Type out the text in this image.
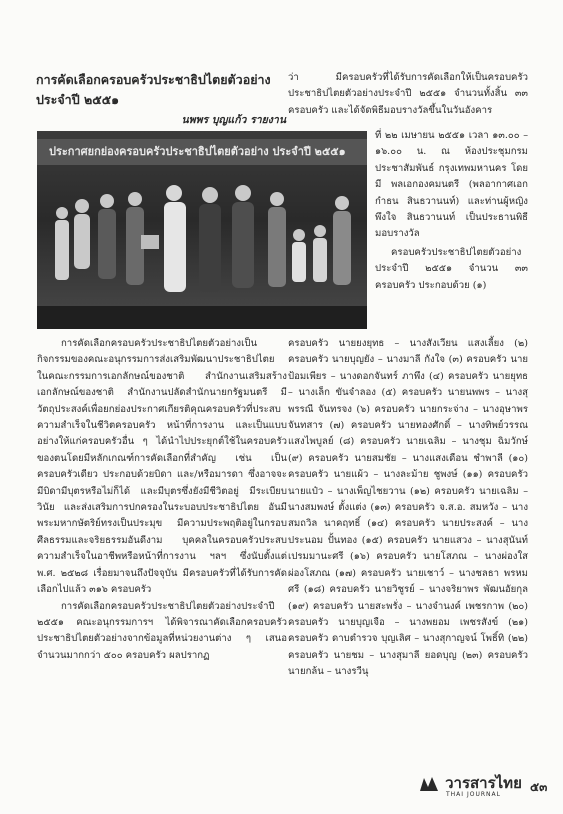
การคัดเลือกครอบครัวประชาธิปไตยตัวอย่าง ประจำปี ๒๕๕๑
นพพร บุญแก้ว รายงาน
ประกาศยกย่องครอบครัวประชาธิปไตยตัวอย่าง ประจำปี ๒๕๕๑

ว่า มีครอบครัวที่ได้รับการคัดเลือกให้เป็นครอบครัวประชาธิปไตยตัวอย่างประจำปี ๒๕๕๑ จำนวนทั้งสิ้น ๓๓ ครอบครัว และได้จัดพิธีมอบรางวัลขึ้นในวันอังคาร

ที่ ๒๒ เมษายน ๒๕๕๑ เวลา ๑๓.๐๐ – ๑๖.๐๐ น. ณ ห้องประชุมกรมประชาสัมพันธ์ กรุงเทพมหานคร โดยมี พลเอกองคมนตรี (พลอากาศเอก กำธน สินธวานนท์) และท่านผู้หญิงพึงใจ สินธวานนท์ เป็นประธานพิธีมอบรางวัล

ครอบครัวประชาธิปไตยตัวอย่างประจำปี ๒๕๕๑ จำนวน ๓๓ ครอบครัว ประกอบด้วย (๑)

การคัดเลือกครอบครัวประชาธิปไตยตัวอย่างเป็นกิจกรรมของคณะอนุกรรมการส่งเสริมพัฒนาประชาธิปไตย ในคณะกรรมการเอกลักษณ์ของชาติ สำนักงานเสริมสร้างเอกลักษณ์ของชาติ สำนักงานปลัดสำนักนายกรัฐมนตรี มีวัตถุประสงค์เพื่อยกย่องประกาศเกียรติคุณครอบครัวที่ประสบความสำเร็จในชีวิตครอบครัว หน้าที่การงาน และเป็นแบบอย่างให้แก่ครอบครัวอื่น ๆ ได้นำไปประยุกต์ใช้ในครอบครัวของตนโดยมีหลักเกณฑ์การคัดเลือกที่สำคัญ เช่น เป็นครอบครัวเดียว ประกอบด้วยบิดา และ/หรือมารดา ซึ่งอาจจะมีบิดามีบุตรหรือไม่ก็ได้ และมีบุตรซึ่งยังมีชีวิตอยู่ มีระเบียบวินัย และส่งเสริมการปกครองในระบอบประชาธิปไตย อันมีพระมหากษัตริย์ทรงเป็นประมุข มีความประพฤติอยู่ในกรอบศีลธรรมและจริยธรรมอันดีงาม บุคคลในครอบครัวประสบความสำเร็จในอาชีพหรือหน้าที่การงาน ฯลฯ ซึ่งนับตั้งแต่ พ.ศ. ๒๕๒๘ เรื่อยมาจนถึงปัจจุบัน มีครอบครัวที่ได้รับการคัดเลือกไปแล้ว ๓๑๖ ครอบครัว

การคัดเลือกครอบครัวประชาธิปไตยตัวอย่างประจำปี ๒๕๕๑ คณะอนุกรรมการฯ ได้พิจารณาคัดเลือกครอบครัวประชาธิปไตยตัวอย่างจากข้อมูลที่หน่วยงานต่าง ๆ เสนอจำนวนมากกว่า ๕๐๐ ครอบครัว ผลปรากฏ

ครอบครัว นายยงยุทธ – นางสังเวียน แสงเลี้ยง (๒) ครอบครัว นายบุญยัง – นางมาลี กังใจ (๓) ครอบครัว นายป้อมเพียร – นางดอกจันทร์ ภาพึง (๔) ครอบครัว นายยุทธ – นางเล็ก ขันจำลอง (๕) ครอบครัว นายนพพร – นางสุพรรณี จันทรจง (๖) ครอบครัว นายกระจ่าง – นางอุษาพร จันทสาร (๗) ครอบครัว นายทองศักดิ์ – นางทิพย์วรรณ แสงไพบูลย์ (๘) ครอบครัว นายเฉลิม – นางชุม ฉิมวักษ์ (๙) ครอบครัว นายสมชัย – นางแสงเดือน ชำพาลี (๑๐) ครอบครัว นายแผ้ว – นางละม้าย ชูพงษ์ (๑๑) ครอบครัว นายแป๋ว – นางเพ็ญไชยวาน (๑๒) ครอบครัว นายเฉลิม – นางสมพงษ์ ตั้งแต่ง (๑๓) ครอบครัว จ.ส.อ. สมหวัง – นางสมถวิล นาคฤทธิ์ (๑๔) ครอบครัว นายประสงค์ – นางประนอม ปั้นทอง (๑๕) ครอบครัว นายแสวง – นางสุนันท์ เปรมมานะศรี (๑๖) ครอบครัว นายโสภณ – นางผ่องใส ผ่องโสภณ (๑๗) ครอบครัว นายเชาว์ – นางชลธา พรหมศรี (๑๘) ครอบครัว นายวิชูรย์ – นางจริยาพร พัฒนอัยกุล (๑๙) ครอบครัว นายสะพรั่ง – นางจำนงค์ เพชรกาพ (๒๐) ครอบครัว นายบุญเจือ – นางพยอม เพชรสังข์ (๒๑) ครอบครัว ดาบตำรวจ บุญเลิศ – นางสุกาญจน์ โพธิ์ทิ (๒๒) ครอบครัว นายชม – นางสุมาลี ยอดบุญ (๒๓) ครอบครัว นายกล้น – นางรวีนุ

วารสารไทย
THAI JOURNAL
๕๓
